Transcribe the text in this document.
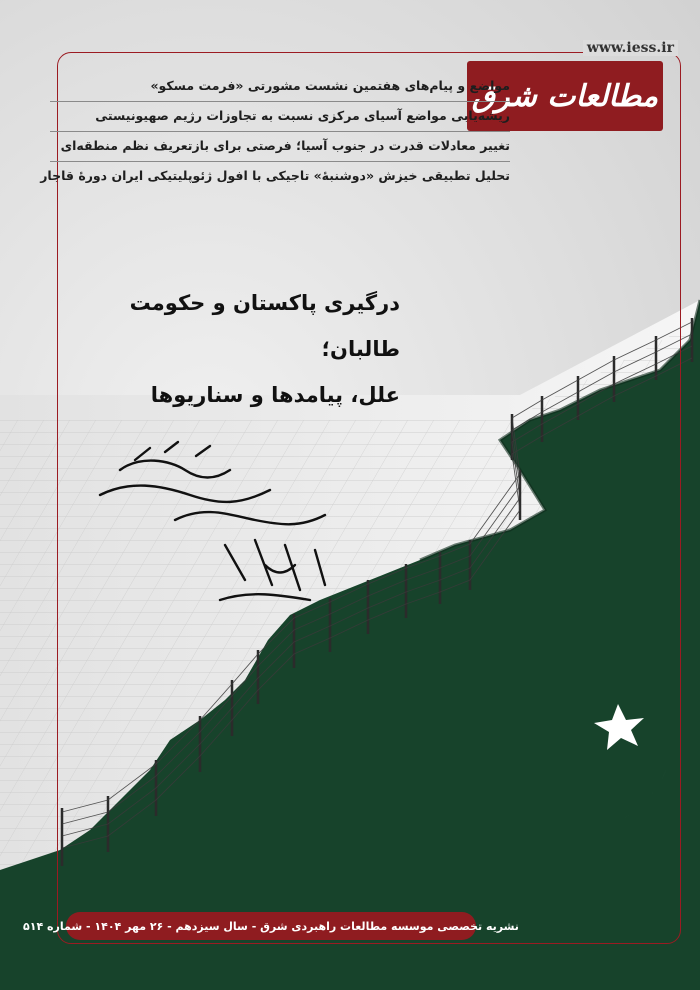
www.iess.ir
مطالعات شرق
مواضع و پیام‌های هفتمین نشست مشورتی «فرمت مسکو»
ریشه‌یابی مواضع آسیای مرکزی نسبت به تجاوزات رژیم صهیونیستی
تغییر معادلات قدرت در جنوب آسیا؛ فرصتی برای بازتعریف نظم منطقه‌ای
تحلیل تطبیقی خیزش «دوشنبهٔ» تاجیکی با افول ژئوپلیتیکی ایران دورهٔ قاجار
درگیری پاکستان و حکومت طالبان؛
علل، پیامدها و سناریوها
نشریه تخصصی موسسه مطالعات راهبردی شرق - سال سیزدهم - ۲۶ مهر ۱۴۰۴ - شماره ۵۱۴
